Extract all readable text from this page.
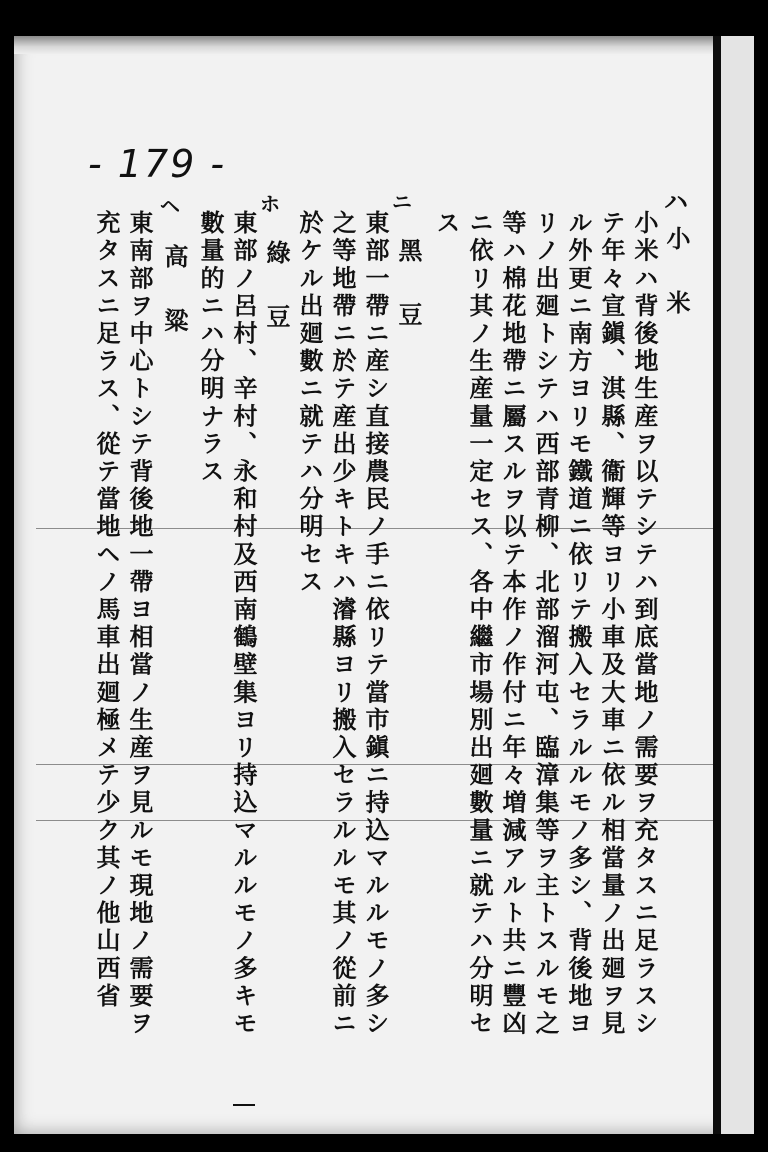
- 179 -
ハ
ニ
ホ
ヘ
小　米
小米ハ背後地生産ヲ以テシテハ到底當地ノ需要ヲ充タスニ足ラスシ
テ年々宣鎭、淇縣、衞輝等ヨリ小車及大車ニ依ル相當量ノ出廻ヲ見
ル外更ニ南方ヨリモ鐵道ニ依リテ搬入セラルルモノ多シ、背後地ヨ
リノ出廻トシテハ西部青柳、北部溜河屯、臨漳集等ヲ主トスルモ之
等ハ棉花地帶ニ屬スルヲ以テ本作ノ作付ニ年々増減アルト共ニ豐凶
ニ依リ其ノ生産量一定セス、各中繼市場別出廻數量ニ就テハ分明セ
ス
黑　豆
東部一帶ニ産シ直接農民ノ手ニ依リテ當市鎭ニ持込マルルモノ多シ
之等地帶ニ於テ産出少キトキハ濬縣ヨリ搬入セラルルモ其ノ從前ニ
於ケル出廻數ニ就テハ分明セス
綠　豆
東部ノ呂村、辛村、永和村及西南鶴壁集ヨリ持込マルルモノ多キモ
數量的ニハ分明ナラス
高　粱
東南部ヲ中心トシテ背後地一帶ヨ相當ノ生産ヲ見ルモ現地ノ需要ヲ
充タスニ足ラス、從テ當地ヘノ馬車出廻極メテ少ク其ノ他山西省
